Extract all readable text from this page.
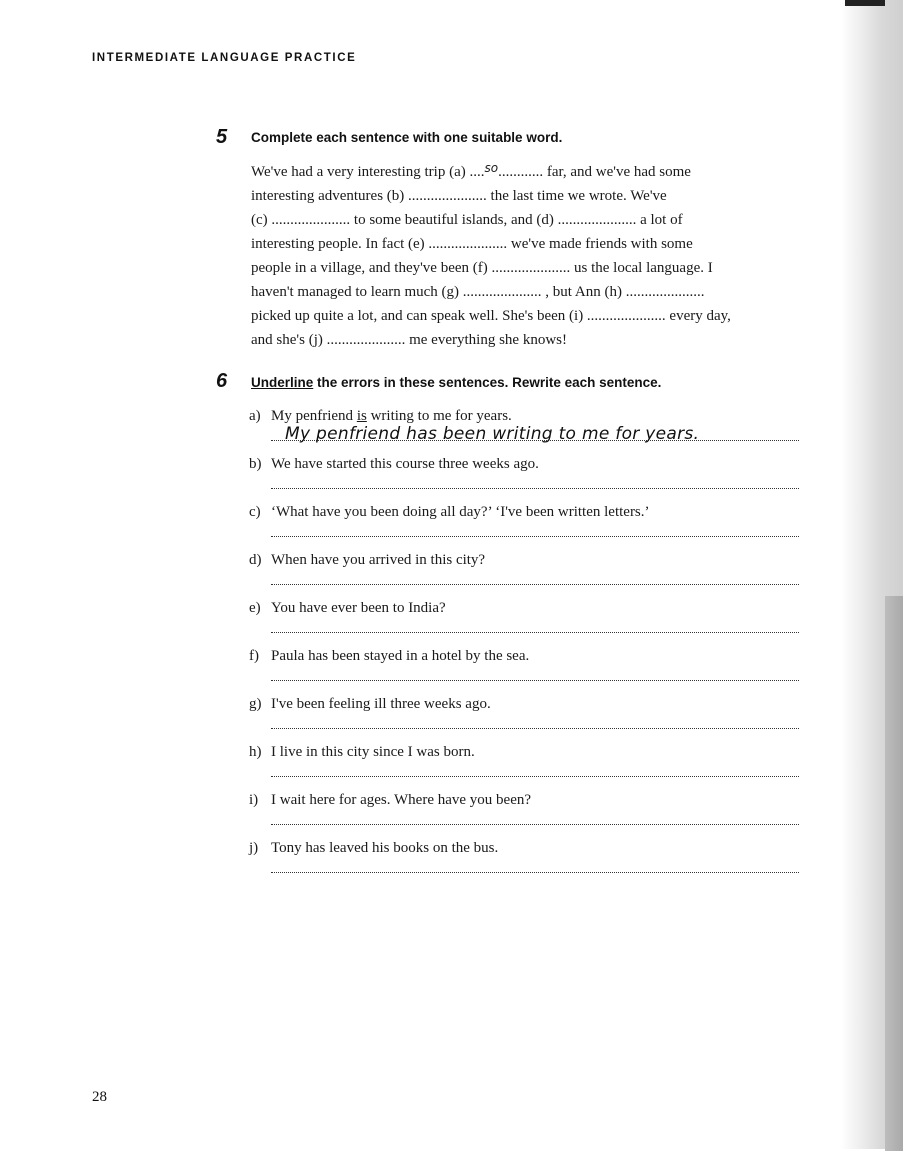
INTERMEDIATE LANGUAGE PRACTICE
5 Complete each sentence with one suitable word.
We've had a very interesting trip (a) ....$^{so}$............ far, and we've had some
interesting adventures (b) ..................... the last time we wrote. We've
(c) ..................... to some beautiful islands, and (d) ..................... a lot of
interesting people. In fact (e) ..................... we've made friends with some
people in a village, and they've been (f) ..................... us the local language. I
haven't managed to learn much (g) ..................... , but Ann (h) .....................
picked up quite a lot, and can speak well. She's been (i) ..................... every day,
and she's (j) ..................... me everything she knows!
6 Underline the errors in these sentences. Rewrite each sentence.
a) My penfriend is writing to me for years.
My penfriend has been writing to me for years.
b) We have started this course three weeks ago.
c) ‘What have you been doing all day?’ ‘I've been written letters.’
d) When have you arrived in this city?
e) You have ever been to India?
f) Paula has been stayed in a hotel by the sea.
g) I've been feeling ill three weeks ago.
h) I live in this city since I was born.
i) I wait here for ages. Where have you been?
j) Tony has leaved his books on the bus.
28
